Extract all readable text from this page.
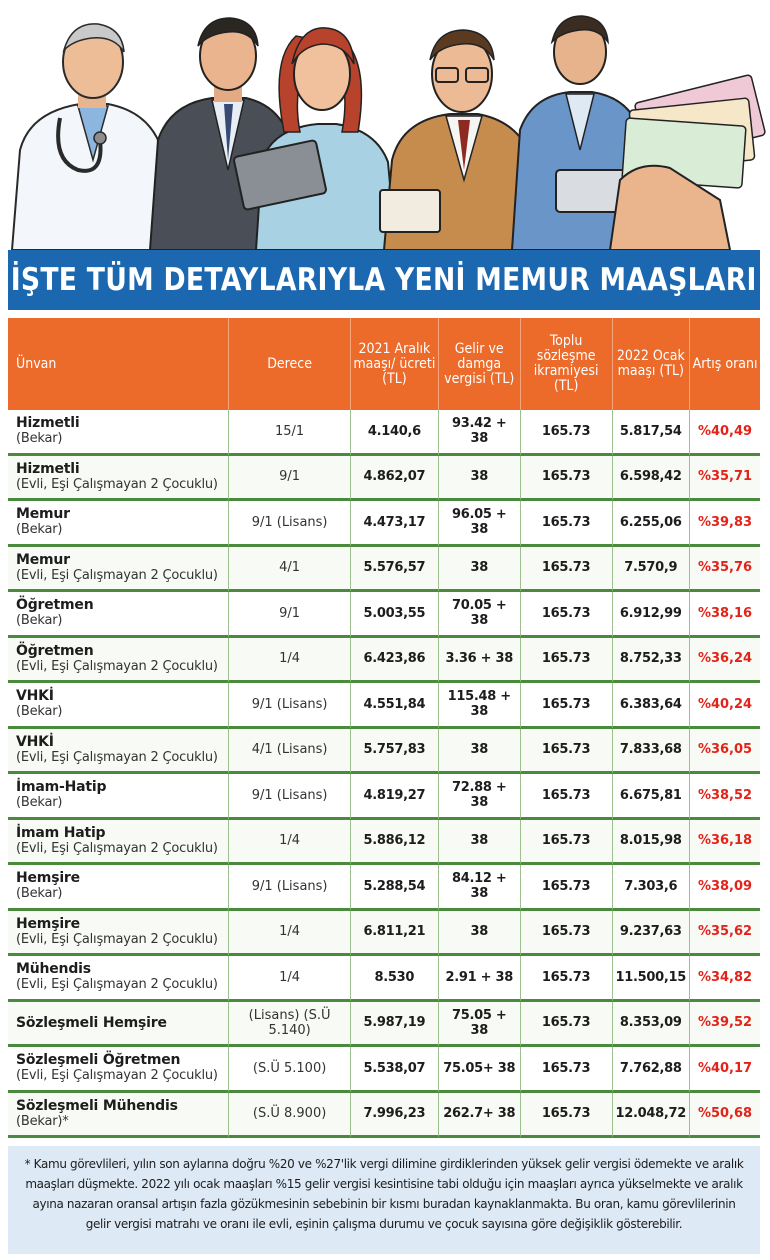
İŞTE TÜM DETAYLARIYLA YENİ MEMUR MAAŞLARI
Ünvan	Derece	2021 Aralık maaşı/ ücreti (TL)	Gelir ve damga vergisi (TL)	Toplu sözleşme ikramiyesi (TL)	2022 Ocak maaşı (TL)	Artış oranı

Hizmetli
(Bekar)	15/1	4.140,6	93.42 + 38	165.73	5.817,54	%40,49

Hizmetli
(Evli, Eşi Çalışmayan 2 Çocuklu)	9/1	4.862,07	38	165.73	6.598,42	%35,71

Memur
(Bekar)	9/1 (Lisans)	4.473,17	96.05 + 38	165.73	6.255,06	%39,83

Memur
(Evli, Eşi Çalışmayan 2 Çocuklu)	4/1	5.576,57	38	165.73	7.570,9	%35,76

Öğretmen
(Bekar)	9/1	5.003,55	70.05 + 38	165.73	6.912,99	%38,16

Öğretmen
(Evli, Eşi Çalışmayan 2 Çocuklu)	1/4	6.423,86	3.36 + 38	165.73	8.752,33	%36,24

VHKİ
(Bekar)	9/1 (Lisans)	4.551,84	115.48 + 38	165.73	6.383,64	%40,24

VHKİ
(Evli, Eşi Çalışmayan 2 Çocuklu)	4/1 (Lisans)	5.757,83	38	165.73	7.833,68	%36,05

İmam-Hatip
(Bekar)	9/1 (Lisans)	4.819,27	72.88 + 38	165.73	6.675,81	%38,52

İmam Hatip
(Evli, Eşi Çalışmayan 2 Çocuklu)	1/4	5.886,12	38	165.73	8.015,98	%36,18

Hemşire
(Bekar)	9/1 (Lisans)	5.288,54	84.12 + 38	165.73	7.303,6	%38,09

Hemşire
(Evli, Eşi Çalışmayan 2 Çocuklu)	1/4	6.811,21	38	165.73	9.237,63	%35,62

Mühendis
(Evli, Eşi Çalışmayan 2 Çocuklu)	1/4	8.530	2.91 + 38	165.73	11.500,15	%34,82

Sözleşmeli Hemşire	(Lisans) (S.Ü 5.140)	5.987,19	75.05 + 38	165.73	8.353,09	%39,52

Sözleşmeli Öğretmen
(Evli, Eşi Çalışmayan 2 Çocuklu)	(S.Ü 5.100)	5.538,07	75.05+ 38	165.73	7.762,88	%40,17

Sözleşmeli Mühendis
(Bekar)*	(S.Ü 8.900)	7.996,23	262.7+ 38	165.73	12.048,72	%50,68

* Kamu görevlileri, yılın son aylarına doğru %20 ve %27'lik vergi dilimine girdiklerinden yüksek gelir vergisi ödemekte ve aralık maaşları düşmekte. 2022 yılı ocak maaşları %15 gelir vergisi kesintisine tabi olduğu için maaşları ayrıca yükselmekte ve aralık ayına nazaran oransal artışın fazla gözükmesinin sebebinin bir kısmı buradan kaynaklanmakta. Bu oran, kamu görevlilerinin gelir vergisi matrahı ve oranı ile evli, eşinin çalışma durumu ve çocuk sayısına göre değişiklik gösterebilir.
